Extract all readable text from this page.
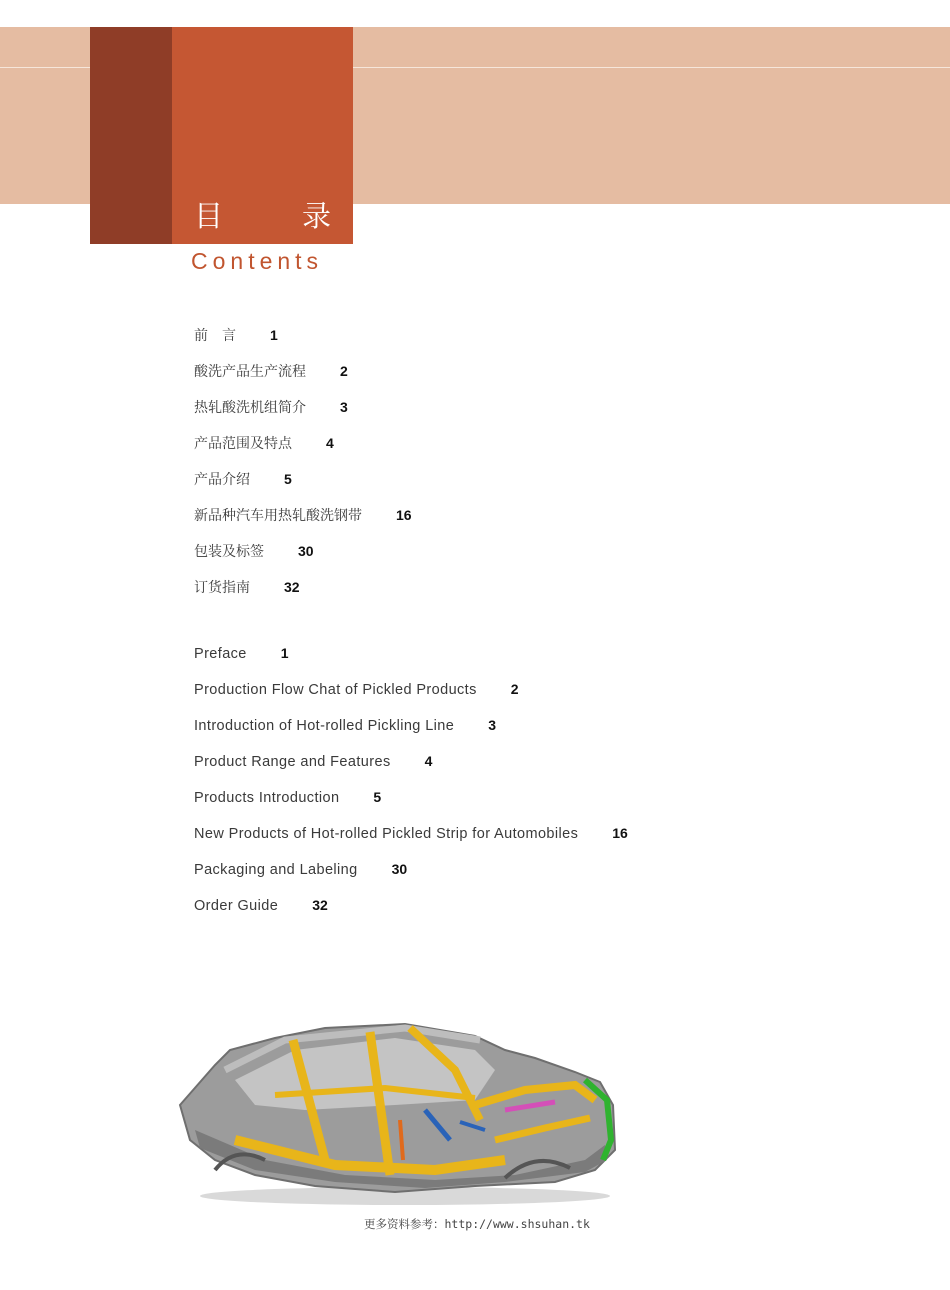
目	录
Contents
前　言 1
酸洗产品生产流程 2
热轧酸洗机组简介 3
产品范围及特点 4
产品介绍 5
新品种汽车用热轧酸洗钢带 16
包装及标签 30
订货指南 32
Preface 1
Production Flow Chat of Pickled Products 2
Introduction of Hot-rolled Pickling Line 3
Product Range and Features 4
Products Introduction 5
New Products of Hot-rolled Pickled Strip for Automobiles 16
Packaging and Labeling 30
Order Guide 32
更多资料参考：http://www.shsuhan.tk
